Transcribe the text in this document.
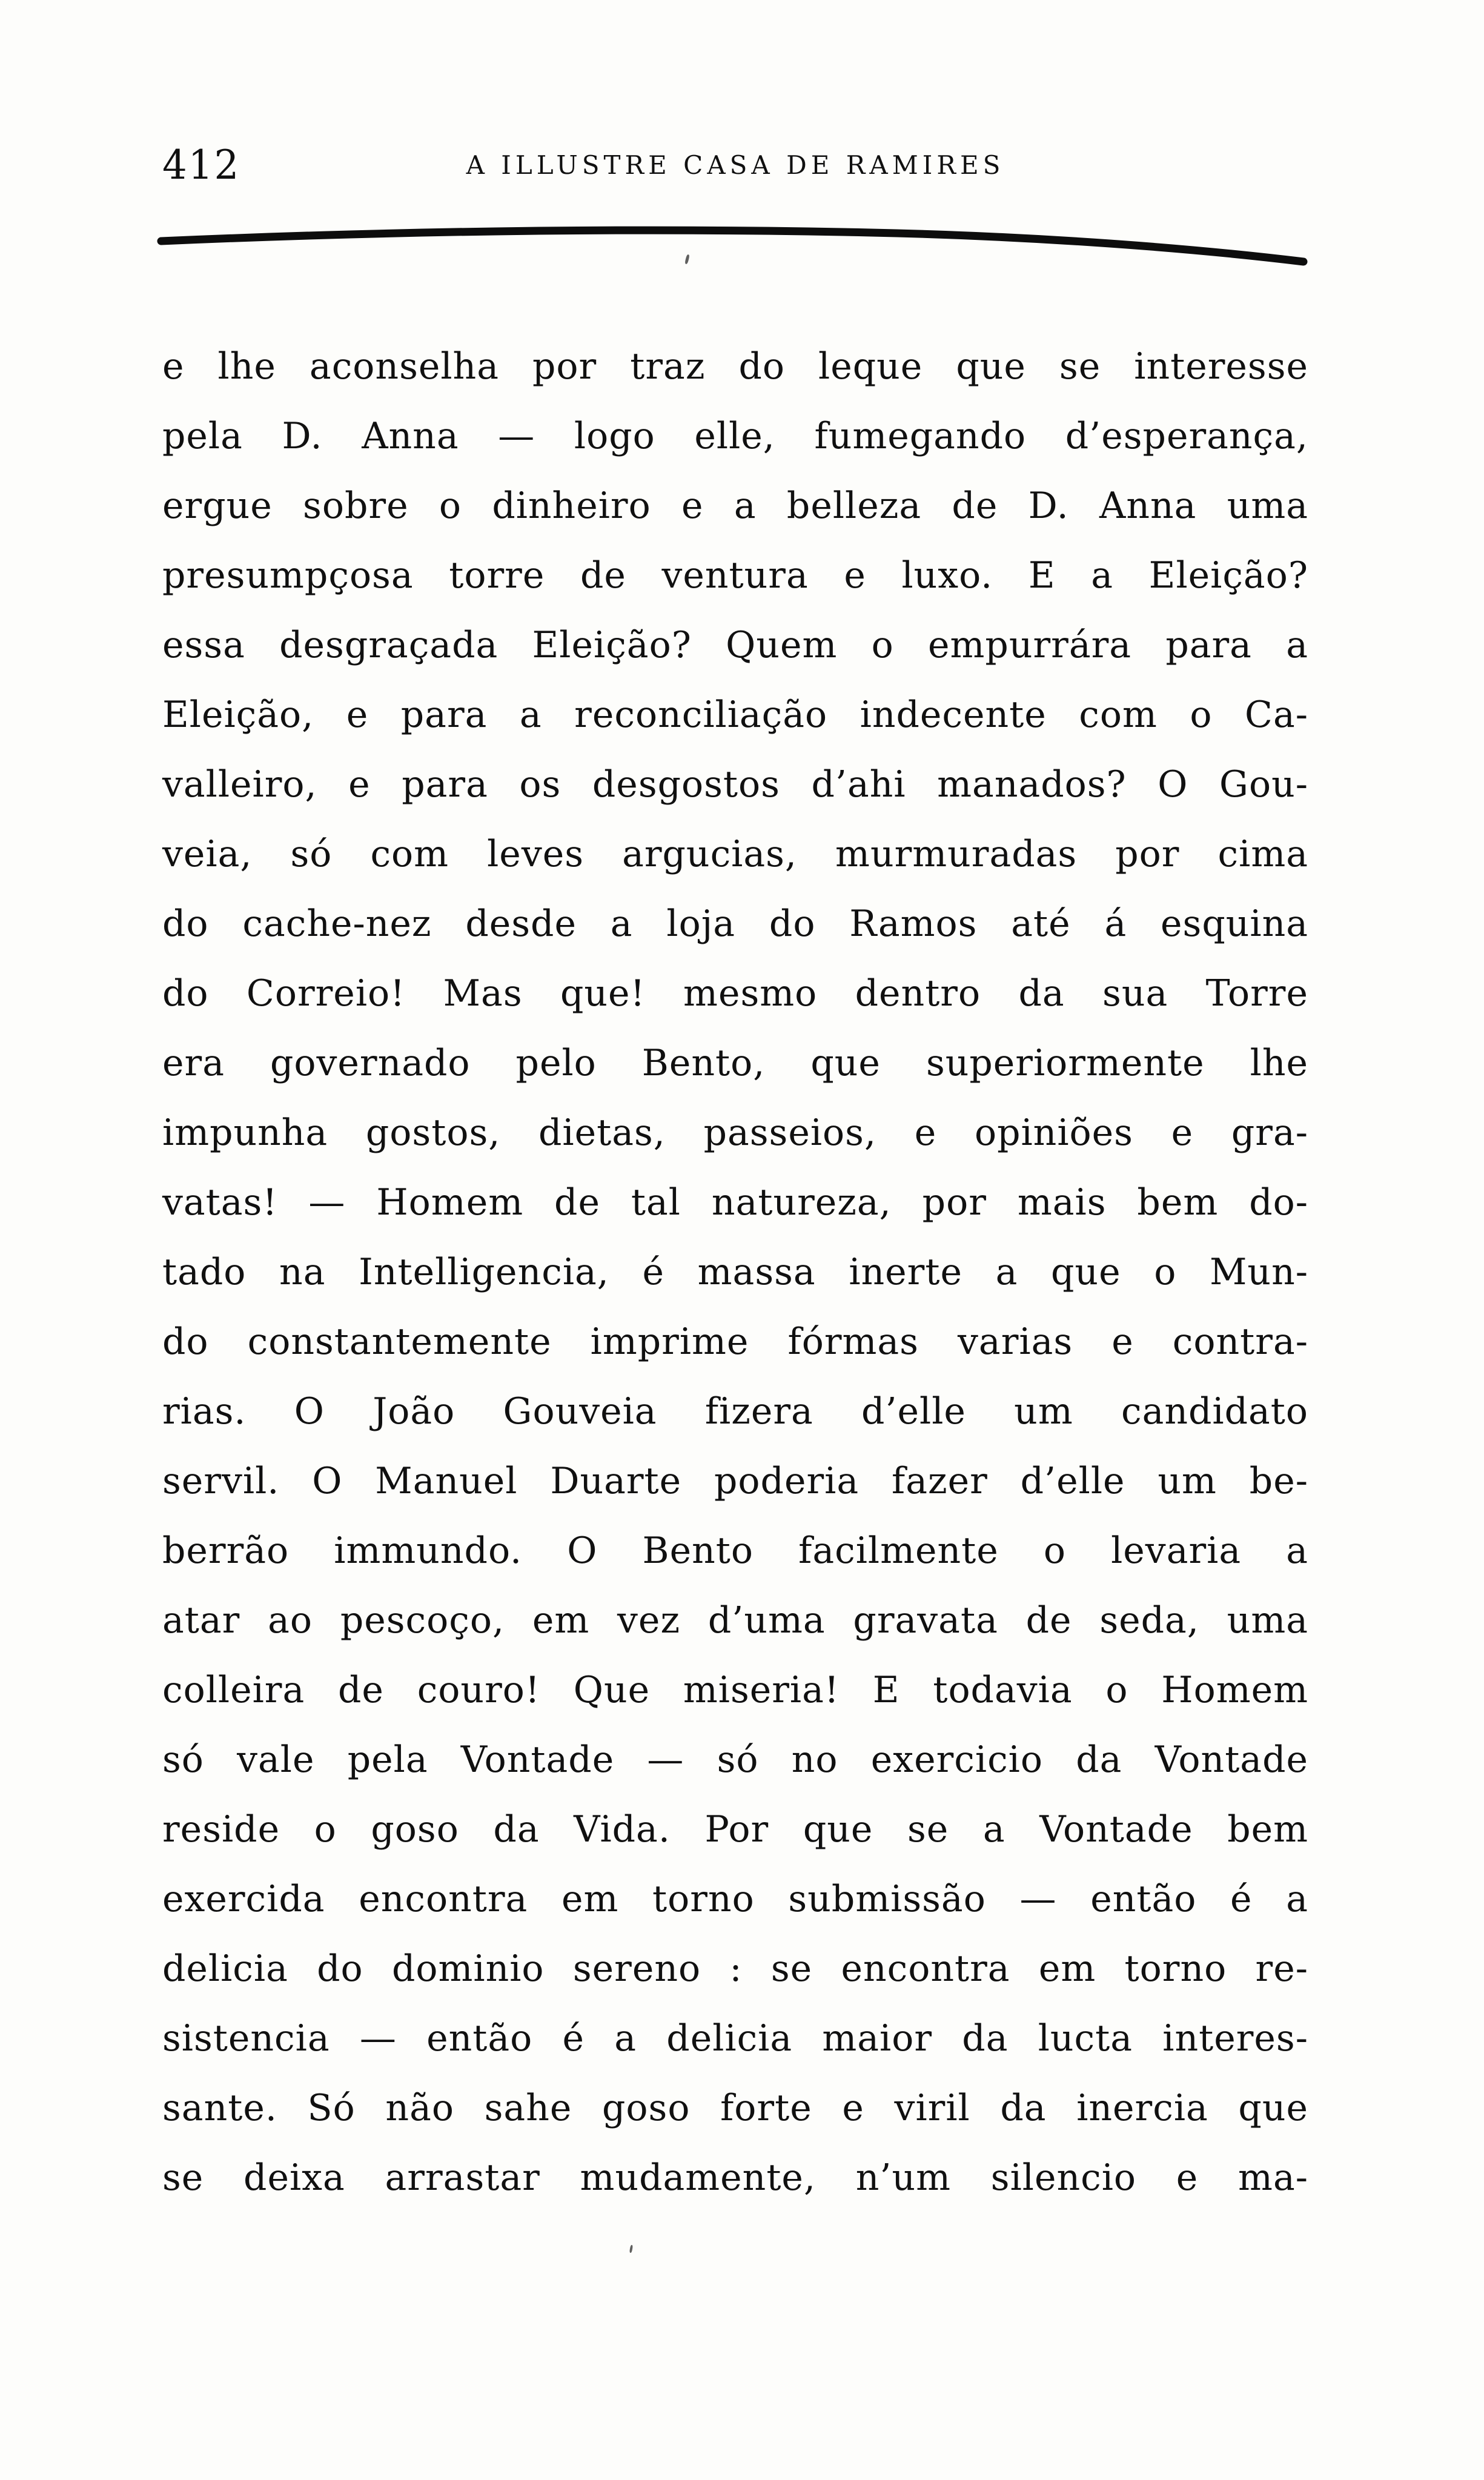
412	A ILLUSTRE CASA DE RAMIRES
e lhe aconselha por traz do leque que se interesse
pela D. Anna — logo elle, fumegando d’esperança,
ergue sobre o dinheiro e a belleza de D. Anna uma
presumpçosa torre de ventura e luxo. E a Eleição?
essa desgraçada Eleição? Quem o empurrára para a
Eleição, e para a reconciliação indecente com o Ca-
valleiro, e para os desgostos d’ahi manados? O Gou-
veia, só com leves argucias, murmuradas por cima
do cache-nez desde a loja do Ramos até á esquina
do Correio! Mas que! mesmo dentro da sua Torre
era governado pelo Bento, que superiormente lhe
impunha gostos, dietas, passeios, e opiniões e gra-
vatas! — Homem de tal natureza, por mais bem do-
tado na Intelligencia, é massa inerte a que o Mun-
do constantemente imprime fórmas varias e contra-
rias. O João Gouveia fizera d’elle um candidato
servil. O Manuel Duarte poderia fazer d’elle um be-
berrão immundo. O Bento facilmente o levaria a
atar ao pescoço, em vez d’uma gravata de seda, uma
colleira de couro! Que miseria! E todavia o Homem
só vale pela Vontade — só no exercicio da Vontade
reside o goso da Vida. Por que se a Vontade bem
exercida encontra em torno submissão — então é a
delicia do dominio sereno : se encontra em torno re-
sistencia — então é a delicia maior da lucta interes-
sante. Só não sahe goso forte e viril da inercia que
se deixa arrastar mudamente, n’um silencio e ma-
